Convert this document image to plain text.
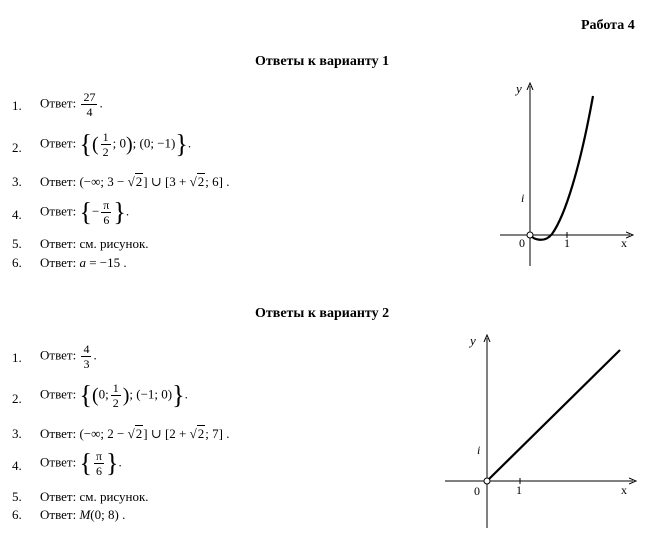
Работа 4
Ответы к варианту 1
1.	Ответ: $\frac{27}{4}$ .
2.	Ответ: {( $\frac{1}{2}$ ; 0); (0; −1)}.
3.	Ответ: (−∞; 3 − √2] ∪ [3 + √2; 6] .
4.	Ответ: {− $\frac{\pi}{6}$ }.
5.	Ответ: см. рисунок.
6.	Ответ: a = −15 .
y
x
0	1
i
Ответы к варианту 2
1.	Ответ: $\frac{4}{3}$ .
2.	Ответ: {(0; $\frac{1}{2}$ ); (−1; 0)}.
3.	Ответ: (−∞; 2 − √2] ∪ [2 + √2; 7] .
4.	Ответ: { $\frac{\pi}{6}$ }.
5.	Ответ: см. рисунок.
6.	Ответ: M(0; 8) .
y
x
0	1
i
